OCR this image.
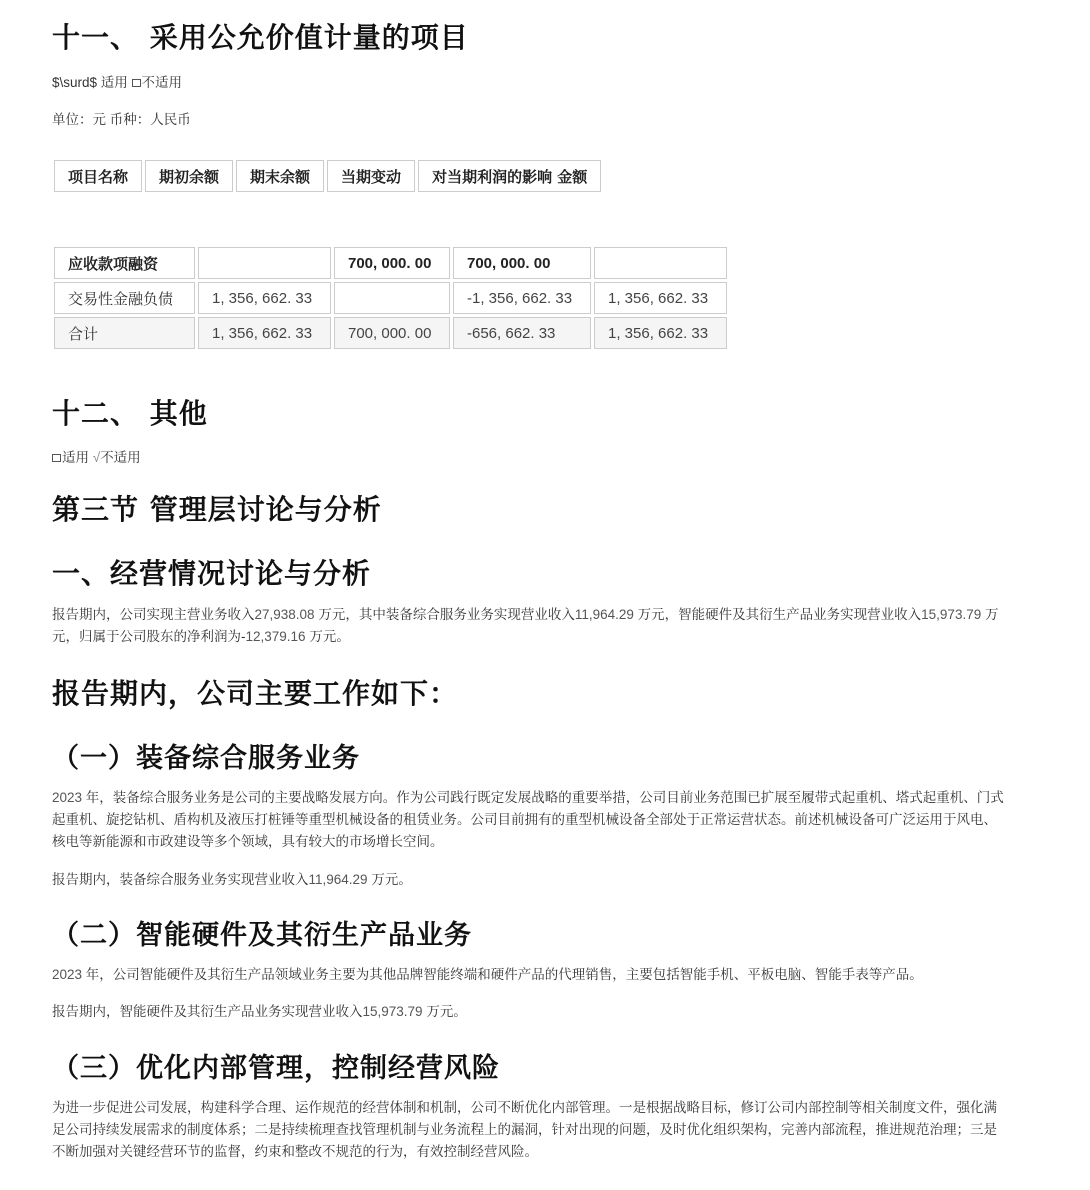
十一、 采用公允价值计量的项目
$\surd$ 适用 不适用
单位：元 币种：人民币
项目名称	期初余额	期末余额	当期变动	对当期利润的影响 金额
应收款项融资		700, 000. 00	700, 000. 00	
交易性金融负债	1, 356, 662. 33		-1, 356, 662. 33	1, 356, 662. 33
合计	1, 356, 662. 33	700, 000. 00	-656, 662. 33	1, 356, 662. 33
十二、 其他
适用 √不适用
第三节 管理层讨论与分析
一、经营情况讨论与分析

报告期内，公司实现主营业务收入27,938.08 万元，其中装备综合服务业务实现营业收入11,964.29 万元，智能硬件及其衍生产品业务实现营业收入15,973.79 万元，归属于公司股东的净利润为-12,379.16 万元。

报告期内，公司主要工作如下：
（一）装备综合服务业务

2023 年，装备综合服务业务是公司的主要战略发展方向。作为公司践行既定发展战略的重要举措，公司目前业务范围已扩展至履带式起重机、塔式起重机、门式起重机、旋挖钻机、盾构机及液压打桩锤等重型机械设备的租赁业务。公司目前拥有的重型机械设备全部处于正常运营状态。前述机械设备可广泛运用于风电、核电等新能源和市政建设等多个领域，具有较大的市场增长空间。

报告期内，装备综合服务业务实现营业收入11,964.29 万元。

（二）智能硬件及其衍生产品业务

2023 年，公司智能硬件及其衍生产品领域业务主要为其他品牌智能终端和硬件产品的代理销售，主要包括智能手机、平板电脑、智能手表等产品。

报告期内，智能硬件及其衍生产品业务实现营业收入15,973.79 万元。

（三）优化内部管理，控制经营风险

为进一步促进公司发展，构建科学合理、运作规范的经营体制和机制，公司不断优化内部管理。一是根据战略目标，修订公司内部控制等相关制度文件，强化满足公司持续发展需求的制度体系；二是持续梳理查找管理机制与业务流程上的漏洞，针对出现的问题，及时优化组织架构，完善内部流程，推进规范治理；三是不断加强对关键经营环节的监督，约束和整改不规范的行为，有效控制经营风险。
